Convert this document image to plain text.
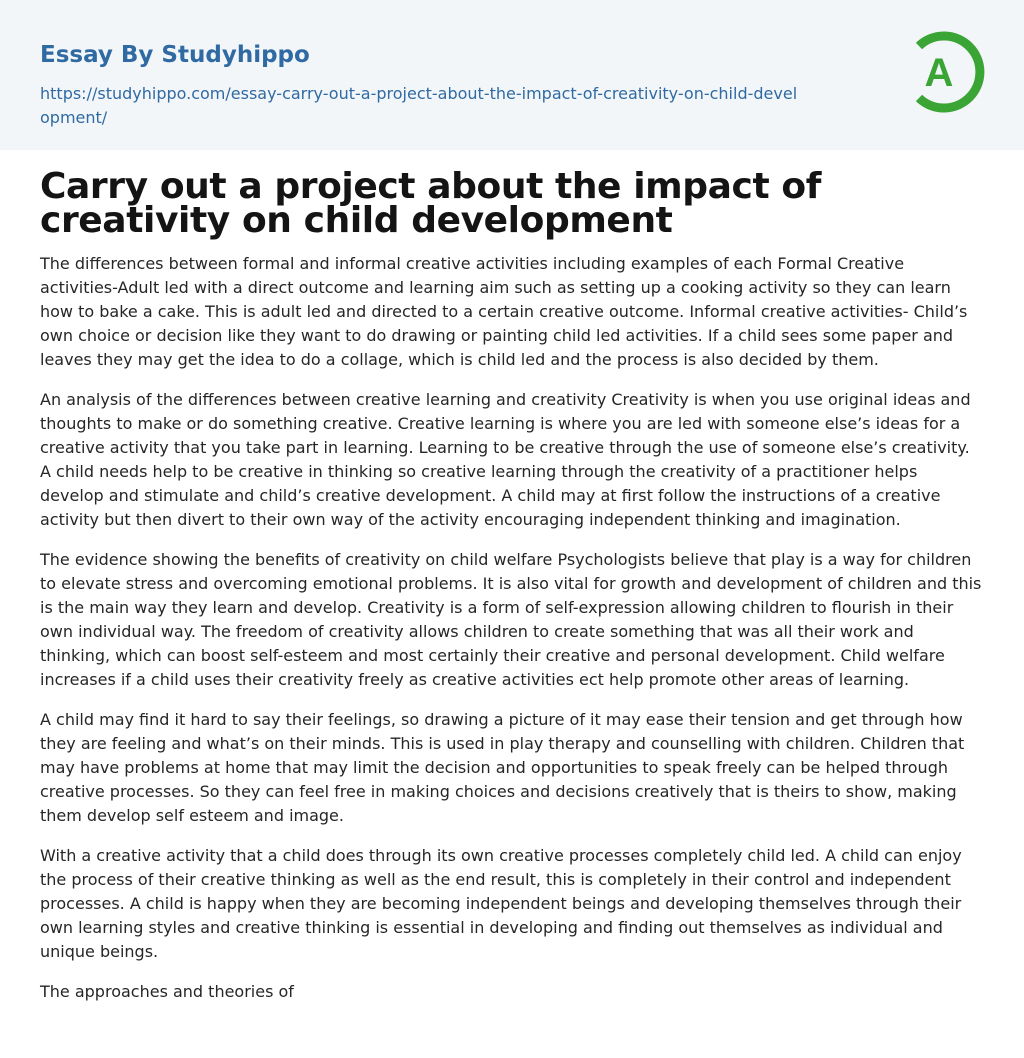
Essay By Studyhippo
https://studyhippo.com/essay-carry-out-a-project-about-the-impact-of-creativity-on-child-development/
A
Carry out a project about the impact of creativity on child development

The differences between formal and informal creative activities including examples of each Formal Creative activities-Adult led with a direct outcome and learning aim such as setting up a cooking activity so they can learn how to bake a cake. This is adult led and directed to a certain creative outcome. Informal creative activities- Child’s own choice or decision like they want to do drawing or painting child led activities. If a child sees some paper and leaves they may get the idea to do a collage, which is child led and the process is also decided by them.

An analysis of the differences between creative learning and creativity Creativity is when you use original ideas and thoughts to make or do something creative. Creative learning is where you are led with someone else’s ideas for a creative activity that you take part in learning. Learning to be creative through the use of someone else’s creativity. A child needs help to be creative in thinking so creative learning through the creativity of a practitioner helps develop and stimulate and child’s creative development. A child may at first follow the instructions of a creative activity but then divert to their own way of the activity encouraging independent thinking and imagination.

The evidence showing the benefits of creativity on child welfare Psychologists believe that play is a way for children to elevate stress and overcoming emotional problems. It is also vital for growth and development of children and this is the main way they learn and develop. Creativity is a form of self-expression allowing children to flourish in their own individual way. The freedom of creativity allows children to create something that was all their work and thinking, which can boost self-esteem and most certainly their creative and personal development. Child welfare increases if a child uses their creativity freely as creative activities ect help promote other areas of learning.

A child may find it hard to say their feelings, so drawing a picture of it may ease their tension and get through how they are feeling and what’s on their minds. This is used in play therapy and counselling with children. Children that may have problems at home that may limit the decision and opportunities to speak freely can be helped through creative processes. So they can feel free in making choices and decisions creatively that is theirs to show, making them develop self esteem and image.

With a creative activity that a child does through its own creative processes completely child led. A child can enjoy the process of their creative thinking as well as the end result, this is completely in their control and independent processes. A child is happy when they are becoming independent beings and developing themselves through their own learning styles and creative thinking is essential in developing and finding out themselves as individual and unique beings.

The approaches and theories of
